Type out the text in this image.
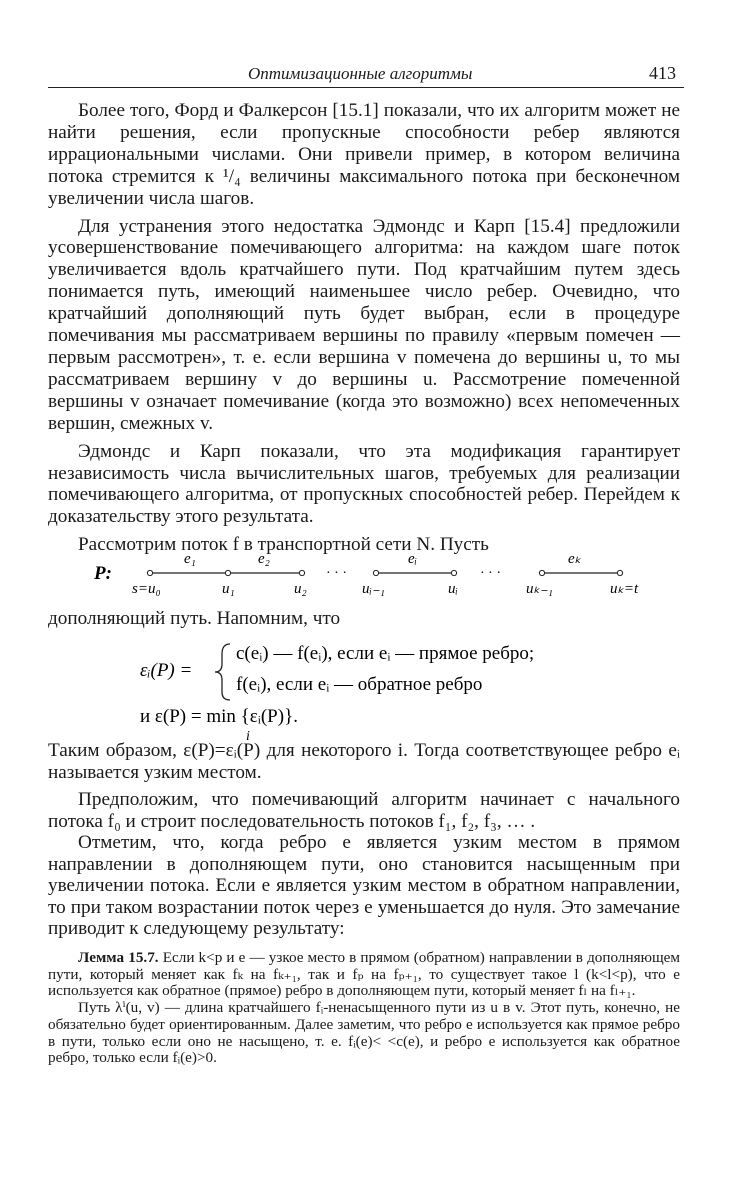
Оптимизационные алгоритмы	413

Более того, Форд и Фалкерсон [15.1] показали, что их алгоритм может не найти решения, если пропускные способности ребер являются иррациональными числами. Они привели пример, в котором величина потока стремится к ¹/₄ величины максимального потока при бесконечном увеличении числа шагов.

Для устранения этого недостатка Эдмондс и Карп [15.4] предложили усовершенствование помечивающего алгоритма: на каждом шаге поток увеличивается вдоль кратчайшего пути. Под кратчайшим путем здесь понимается путь, имеющий наименьшее число ребер. Очевидно, что кратчайший дополняющий путь будет выбран, если в процедуре помечивания мы рассматриваем вершины по правилу «первым помечен — первым рассмотрен», т. е. если вершина v помечена до вершины u, то мы рассматриваем вершину v до вершины u. Рассмотрение помеченной вершины v означает помечивание (когда это возможно) всех непомеченных вершин, смежных v.

Эдмондс и Карп показали, что эта модификация гарантирует независимость числа вычислительных шагов, требуемых для реализации помечивающего алгоритма, от пропускных способностей ребер. Перейдем к доказательству этого результата.

Рассмотрим поток f в транспортной сети N. Пусть

P:	· · ·	· · ·
e₁	e₂	eᵢ	eₖ
s=u₀	u₁	u₂	uᵢ₋₁	uᵢ	uₖ₋₁	uₖ=t
дополняющий путь. Напомним, что
εᵢ(P) =
c(eᵢ) — f(eᵢ), если eᵢ — прямое ребро;
f(eᵢ), если eᵢ — обратное ребро
и ε(P) = min {εᵢ(P)}.
i

Таким образом, ε(P)=εᵢ(P) для некоторого i. Тогда соответствующее ребро eᵢ называется узким местом.

Предположим, что помечивающий алгоритм начинает с начального потока f₀ и строит последовательность потоков f₁, f₂, f₃, … .

Отметим, что, когда ребро e является узким местом в прямом направлении в дополняющем пути, оно становится насыщенным при увеличении потока. Если e является узким местом в обратном направлении, то при таком возрастании поток через e уменьшается до нуля. Это замечание приводит к следующему результату:

Лемма 15.7. Если k<p и e — узкое место в прямом (обратном) направлении в дополняющем пути, который меняет как fₖ на fₖ₊₁, так и fₚ на fₚ₊₁, то существует такое l (k<l<p), что e используется как обратное (прямое) ребро в дополняющем пути, который меняет fₗ на fₗ₊₁.

Путь λⁱ(u, v) — длина кратчайшего fᵢ-ненасыщенного пути из u в v. Этот путь, конечно, не обязательно будет ориентированным. Далее заметим, что ребро e используется как прямое ребро в пути, только если оно не насыщено, т. е. fᵢ(e)< <c(e), и ребро e используется как обратное ребро, только если fᵢ(e)>0.
